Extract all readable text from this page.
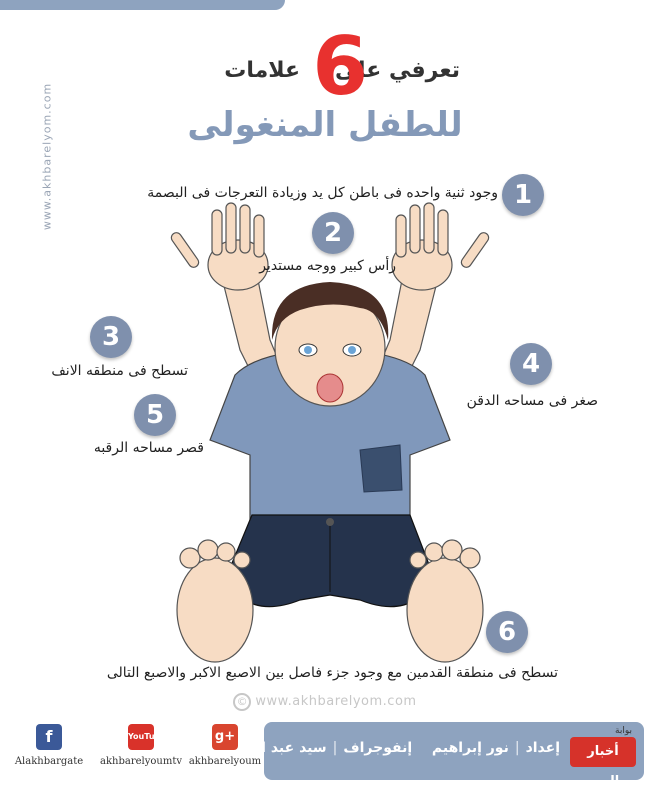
www.akhbarelyom.com
تعرفي على
6
علامات
للطفل المنغولى
1
وجود ثنية واحده فى باطن كل يد وزيادة التعرجات فى البصمة
2
رأس كبير ووجه مستدير
3
تسطح فى منطقه الانف	4
صغر فى مساحه الدقن
5
قصر مساحه الرقبه
6
تسطح فى منطقة القدمين مع وجود جزء فاصل بين الاصبع الاكبر والاصبع التالى
© www.akhbarelyom.com
f
Alakhbargate
YouTube
akhbarelyoumtv
g+
akhbarelyoum
بوابة
أخبار اليوم
إعداد|نور إبراهيم  إنفوجراف|سيد عبد الله
